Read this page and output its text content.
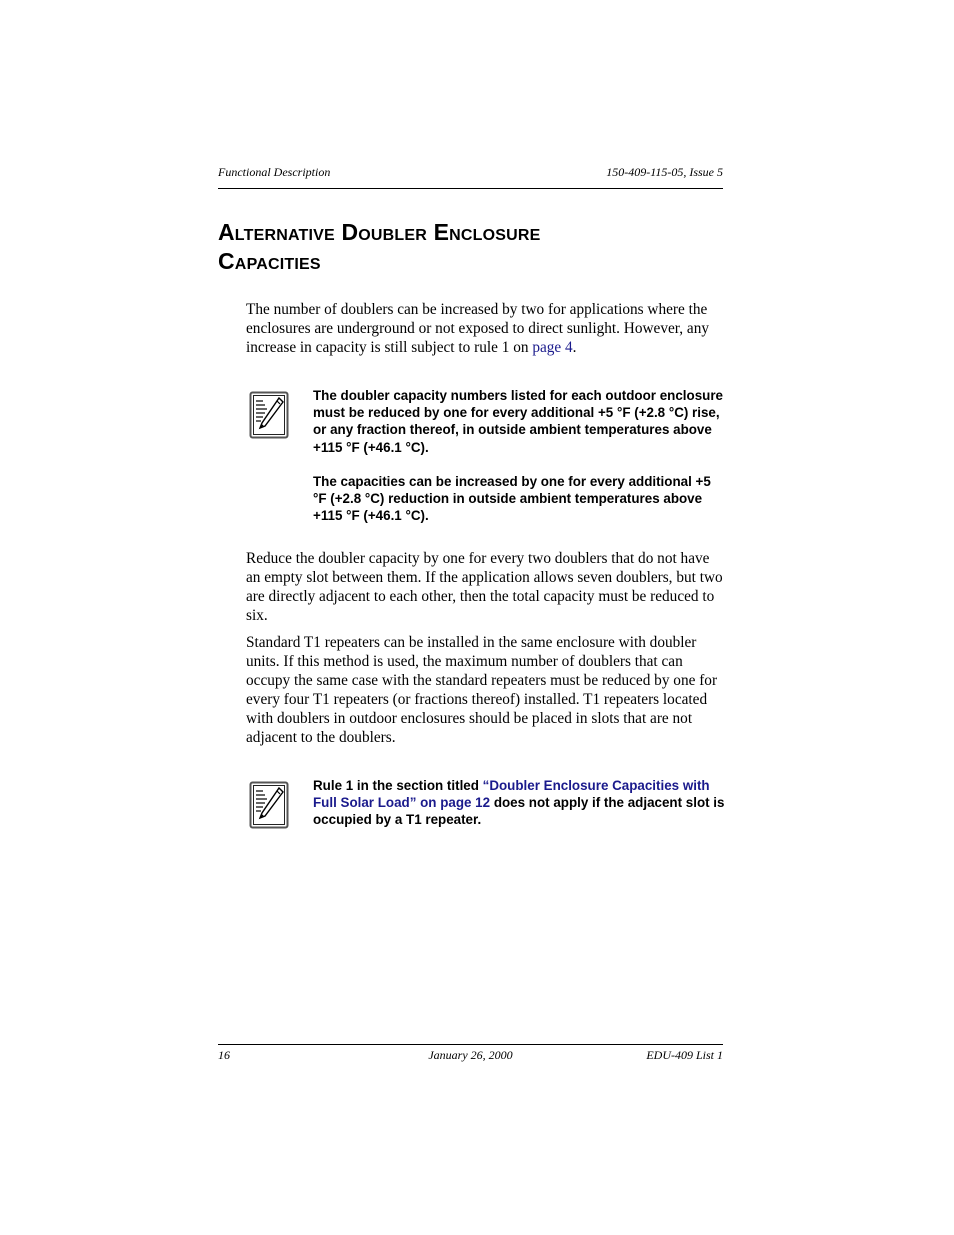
Functional Description	150-409-115-05, Issue 5
Alternative Doubler Enclosure
Capacities

The number of doublers can be increased by two for applications where the enclosures are underground or not exposed to direct sunlight. However, any increase in capacity is still subject to rule 1 on page 4.

The doubler capacity numbers listed for each outdoor enclosure must be reduced by one for every additional +5 °F (+2.8 °C) rise, or any fraction thereof, in outside ambient temperatures above +115 °F (+46.1 °C).

The capacities can be increased by one for every additional +5 °F (+2.8 °C) reduction in outside ambient temperatures above +115 °F (+46.1 °C).

Reduce the doubler capacity by one for every two doublers that do not have an empty slot between them. If the application allows seven doublers, but two are directly adjacent to each other, then the total capacity must be reduced to six.

Standard T1 repeaters can be installed in the same enclosure with doubler units. If this method is used, the maximum number of doublers that can occupy the same case with the standard repeaters must be reduced by one for every four T1 repeaters (or fractions thereof) installed. T1 repeaters located with doublers in outdoor enclosures should be placed in slots that are not adjacent to the doublers.

Rule 1 in the section titled “Doubler Enclosure Capacities with Full Solar Load” on page 12 does not apply if the adjacent slot is occupied by a T1 repeater.

16	January 26, 2000	EDU-409 List 1
